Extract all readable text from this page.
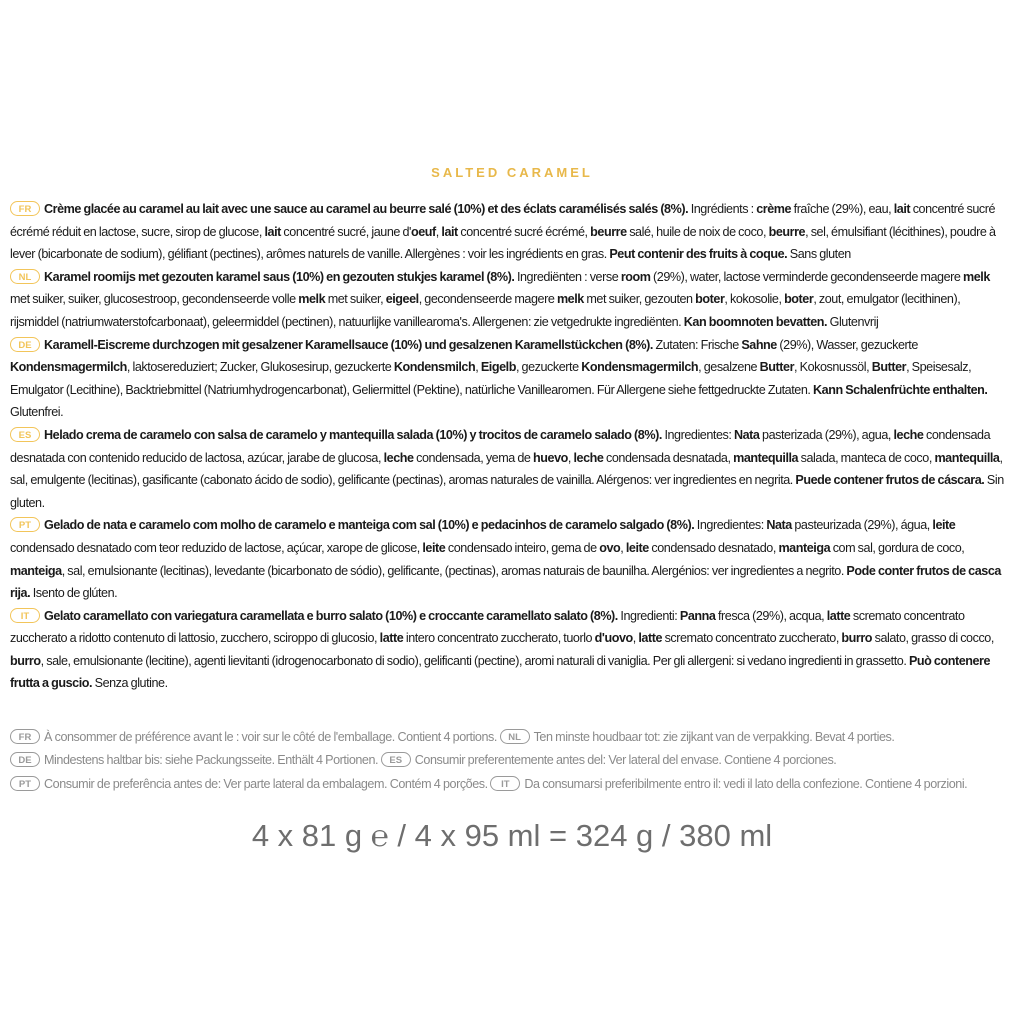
SALTED CARAMEL

FR Crème glacée au caramel au lait avec une sauce au caramel au beurre salé (10%) et des éclats caramélisés salés (8%). Ingrédients : crème fraîche (29%), eau, lait concentré sucré écrémé réduit en lactose, sucre, sirop de glucose, lait concentré sucré, jaune d'oeuf, lait concentré sucré écrémé, beurre salé, huile de noix de coco, beurre, sel, émulsifiant (lécithines), poudre à lever (bicarbonate de sodium), gélifiant (pectines), arômes naturels de vanille. Allergènes : voir les ingrédients en gras. Peut contenir des fruits à coque. Sans gluten

NL Karamel roomijs met gezouten karamel saus (10%) en gezouten stukjes karamel (8%). Ingrediënten : verse room (29%), water, lactose verminderde gecondenseerde magere melk met suiker, suiker, glucosestroop, gecondenseerde volle melk met suiker, eigeel, gecondenseerde magere melk met suiker, gezouten boter, kokosolie, boter, zout, emulgator (lecithinen), rijsmiddel (natriumwaterstofcarbonaat), geleermiddel (pectinen), natuurlijke vanillearoma's. Allergenen: zie vetgedrukte ingrediënten. Kan boomnoten bevatten. Glutenvrij

DE Karamell-Eiscreme durchzogen mit gesalzener Karamellsauce (10%) und gesalzenen Karamellstückchen (8%). Zutaten: Frische Sahne (29%), Wasser, gezuckerte Kondensmagermilch, laktosereduziert; Zucker, Glukosesirup, gezuckerte Kondensmilch, Eigelb, gezuckerte Kondensmagermilch, gesalzene Butter, Kokosnussöl, Butter, Speisesalz, Emulgator (Lecithine), Backtriebmittel (Natriumhydrogencarbonat), Geliermittel (Pektine), natürliche Vanillearomen. Für Allergene siehe fettgedruckte Zutaten. Kann Schalenfrüchte enthalten. Glutenfrei.

ES Helado crema de caramelo con salsa de caramelo y mantequilla salada (10%) y trocitos de caramelo salado (8%). Ingredientes: Nata pasterizada (29%), agua, leche condensada desnatada con contenido reducido de lactosa, azúcar, jarabe de glucosa, leche condensada, yema de huevo, leche condensada desnatada, mantequilla salada, manteca de coco, mantequilla, sal, emulgente (lecitinas), gasificante (cabonato ácido de sodio), gelificante (pectinas), aromas naturales de vainilla. Alérgenos: ver ingredientes en negrita. Puede contener frutos de cáscara. Sin gluten.

PT Gelado de nata e caramelo com molho de caramelo e manteiga com sal (10%) e pedacinhos de caramelo salgado (8%). Ingredientes: Nata pasteurizada (29%), água, leite condensado desnatado com teor reduzido de lactose, açúcar, xarope de glicose, leite condensado inteiro, gema de ovo, leite condensado desnatado, manteiga com sal, gordura de coco, manteiga, sal, emulsionante (lecitinas), levedante (bicarbonato de sódio), gelificante, (pectinas), aromas naturais de baunilha. Alergénios: ver ingredientes a negrito. Pode conter frutos de casca rija. Isento de glúten.

IT Gelato caramellato con variegatura caramellata e burro salato (10%) e croccante caramellato salato (8%). Ingredienti: Panna fresca (29%), acqua, latte scremato concentrato zuccherato a ridotto contenuto di lattosio, zucchero, sciroppo di glucosio, latte intero concentrato zuccherato, tuorlo d'uovo, latte scremato concentrato zuccherato, burro salato, grasso di cocco, burro, sale, emulsionante (lecitine), agenti lievitanti (idrogenocarbonato di sodio), gelificanti (pectine), aromi naturali di vaniglia. Per gli allergeni: si vedano ingredienti in grassetto. Può contenere frutta a guscio. Senza glutine.

FR À consommer de préférence avant le : voir sur le côté de l'emballage. Contient 4 portions. NL Ten minste houdbaar tot: zie zijkant van de verpakking. Bevat 4 porties.
DE Mindestens haltbar bis: siehe Packungsseite. Enthält 4 Portionen. ES Consumir preferentemente antes del: Ver lateral del envase. Contiene 4 porciones.
PT Consumir de preferência antes de: Ver parte lateral da embalagem. Contém 4 porções. IT Da consumarsi preferibilmente entro il: vedi il lato della confezione. Contiene 4 porzioni.
4 x 81 g ℮ / 4 x 95 ml = 324 g / 380 ml
